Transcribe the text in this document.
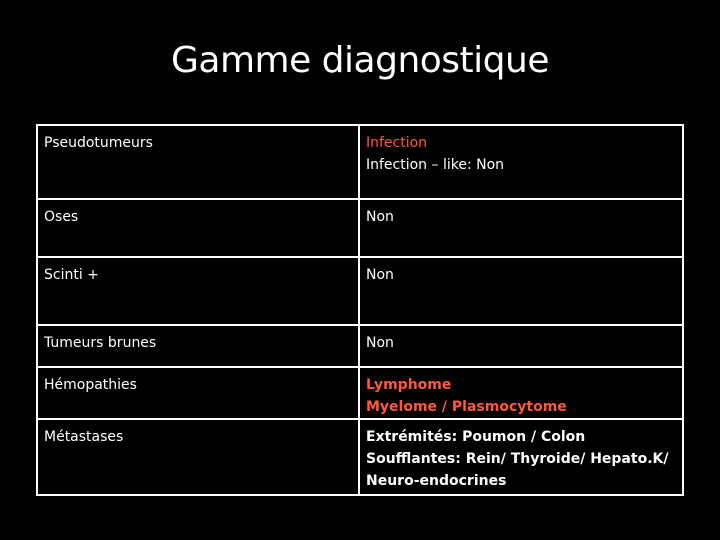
Gamme diagnostique
Pseudotumeurs	Infection
Infection – like: Non
Oses	Non
Scinti +	Non
Tumeurs brunes	Non
Hémopathies	Lymphome
Myelome / Plasmocytome
Métastases	Extrémités: Poumon / Colon
Soufflantes: Rein/ Thyroide/ Hepato.K/
Neuro-endocrines
